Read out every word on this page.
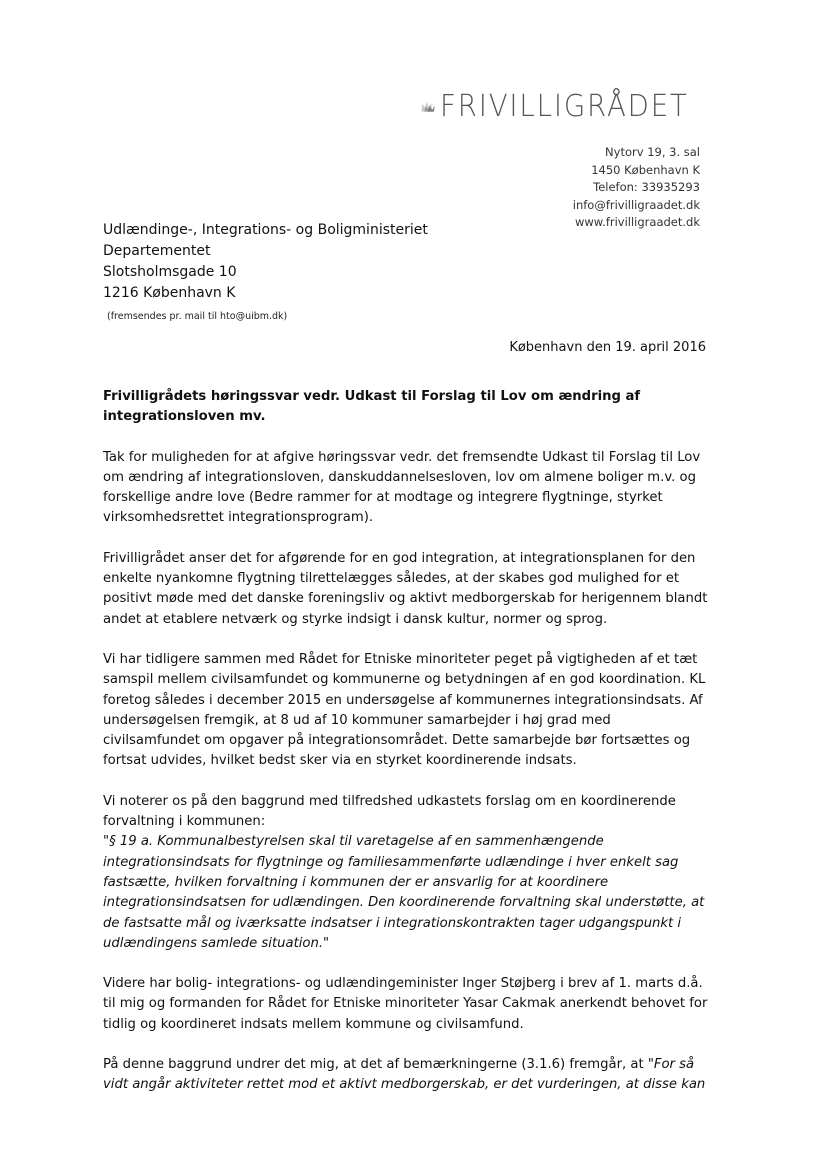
FRIVILLIGRÅDET
Nytorv 19, 3. sal
1450 København K
Telefon: 33935293
info@frivilligraadet.dk
www.frivilligraadet.dk
Udlændinge-, Integrations- og Boligministeriet
Departementet
Slotsholmsgade 10
1216 København K
(fremsendes pr. mail til hto@uibm.dk)
København den 19. april 2016

Frivilligrådets høringssvar vedr. Udkast til Forslag til Lov om ændring af integrationsloven mv.

Tak for muligheden for at afgive høringssvar vedr. det fremsendte Udkast til Forslag til Lov om ændring af integrationsloven, danskuddannelsesloven, lov om almene boliger m.v. og forskellige andre love (Bedre rammer for at modtage og integrere flygtninge, styrket virksomhedsrettet integrationsprogram).

Frivilligrådet anser det for afgørende for en god integration, at integrationsplanen for den enkelte nyankomne flygtning tilrettelægges således, at der skabes god mulighed for et positivt møde med det danske foreningsliv og aktivt medborgerskab for herigennem blandt andet at etablere netværk og styrke indsigt i dansk kultur, normer og sprog.

Vi har tidligere sammen med Rådet for Etniske minoriteter peget på vigtigheden af et tæt samspil mellem civilsamfundet og kommunerne og betydningen af en god koordination. KL foretog således i december 2015 en undersøgelse af kommunernes integrationsindsats. Af undersøgelsen fremgik, at 8 ud af 10 kommuner samarbejder i høj grad med civilsamfundet om opgaver på integrationsområdet. Dette samarbejde bør fortsættes og fortsat udvides, hvilket bedst sker via en styrket koordinerende indsats.

Vi noterer os på den baggrund med tilfredshed udkastets forslag om en koordinerende forvaltning i kommunen:
"§ 19 a. Kommunalbestyrelsen skal til varetagelse af en sammenhængende integrationsindsats for flygtninge og familiesammenførte udlændinge i hver enkelt sag fastsætte, hvilken forvaltning i kommunen der er ansvarlig for at koordinere integrationsindsatsen for udlændingen. Den koordinerende forvaltning skal understøtte, at de fastsatte mål og iværksatte indsatser i integrationskontrakten tager udgangspunkt i udlændingens samlede situation."

Videre har bolig- integrations- og udlændingeminister Inger Støjberg i brev af 1. marts d.å. til mig og formanden for Rådet for Etniske minoriteter Yasar Cakmak anerkendt behovet for tidlig og koordineret indsats mellem kommune og civilsamfund.

På denne baggrund undrer det mig, at det af bemærkningerne (3.1.6) fremgår, at "For så vidt angår aktiviteter rettet mod et aktivt medborgerskab, er det vurderingen, at disse kan
